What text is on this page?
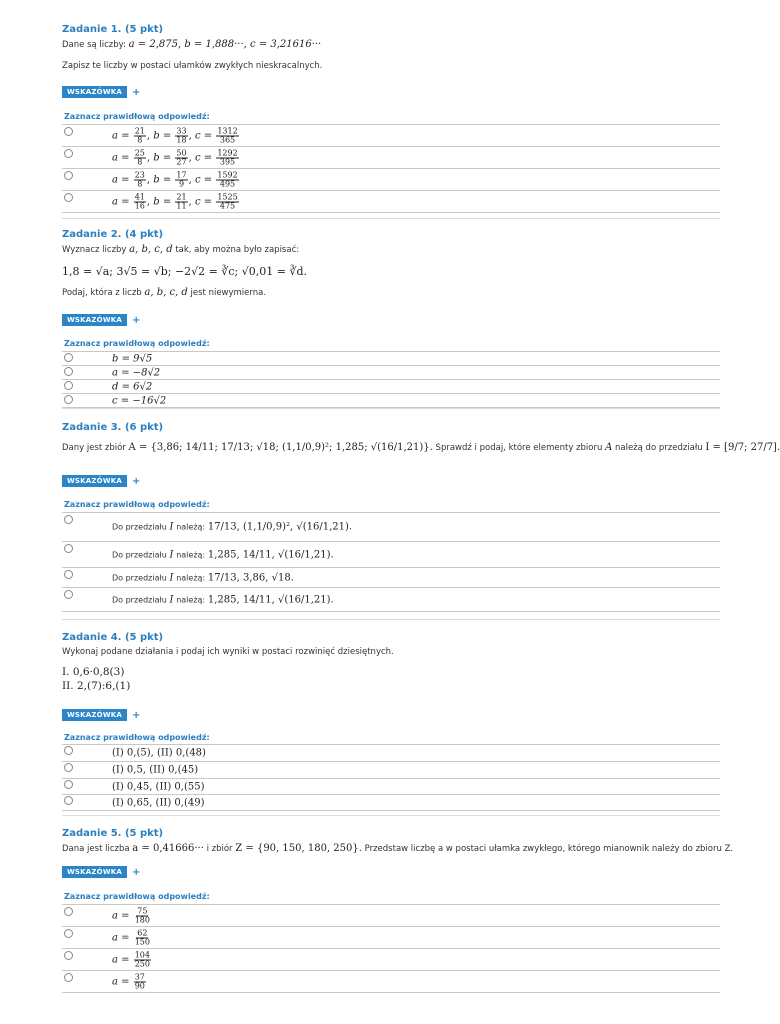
Zadanie 1. (5 pkt)
Dane są liczby: a = 2,875, b = 1,888···, c = 3,21616···
Zapisz te liczby w postaci ułamków zwykłych nieskracalnych.
WSKAZÓWKA	+
Zaznacz prawidłową odpowiedź:
$a = \frac{21}{8}$ , $b = \frac{33}{18}$ , $c = \frac{1312}{365}$
$a = \frac{25}{8}$ , $b = \frac{50}{27}$ , $c = \frac{1292}{395}$
$a = \frac{23}{8}$ , $b = \frac{17}{9}$ , $c = \frac{1592}{495}$
$a = \frac{41}{16}$ , $b = \frac{21}{11}$ , $c = \frac{1525}{475}$
Zadanie 2. (4 pkt)
Wyznacz liczby a, b, c, d tak, aby można było zapisać:
1,8 = √a; 3√5 = √b; −2√2 = ∛c; √0,01 = ∛d.
Podaj, która z liczb a, b, c, d jest niewymierna.
WSKAZÓWKA	+
Zaznacz prawidłową odpowiedź:
b = 9√5
a = −8√2
d = 6√2
c = −16√2
Zadanie 3. (6 pkt)
Dany jest zbiór A = {3,86; 14/11; 17/13; √18; (1,1/0,9)²; 1,285; √(16/1,21)}. Sprawdź i podaj, które elementy zbioru A należą do przedziału I = [9/7; 27/7].
WSKAZÓWKA	+
Zaznacz prawidłową odpowiedź:
Do przedziału I należą: 17/13, (1,1/0,9)², √(16/1,21).
Do przedziału I należą: 1,285, 14/11, √(16/1,21).
Do przedziału I należą: 17/13, 3,86, √18.
Do przedziału I należą: 1,285, 14/11, √(16/1,21).
Zadanie 4. (5 pkt)
Wykonaj podane działania i podaj ich wyniki w postaci rozwinięć dziesiętnych.
I. 0,6·0,8(3)
II. 2,(7):6,(1)
WSKAZÓWKA	+
Zaznacz prawidłową odpowiedź:
(I) 0,(5), (II) 0,(48)
(I) 0,5, (II) 0,(45)
(I) 0,45, (II) 0,(55)
(I) 0,65, (II) 0,(49)
Zadanie 5. (5 pkt)
Dana jest liczba a = 0,41666··· i zbiór Z = {90, 150, 180, 250}. Przedstaw liczbę a w postaci ułamka zwykłego, którego mianownik należy do zbioru Z.
WSKAZÓWKA	+
Zaznacz prawidłową odpowiedź:
$a = \frac{75}{180}$
$a = \frac{62}{150}$
$a = \frac{104}{250}$
$a = \frac{37}{90}$
